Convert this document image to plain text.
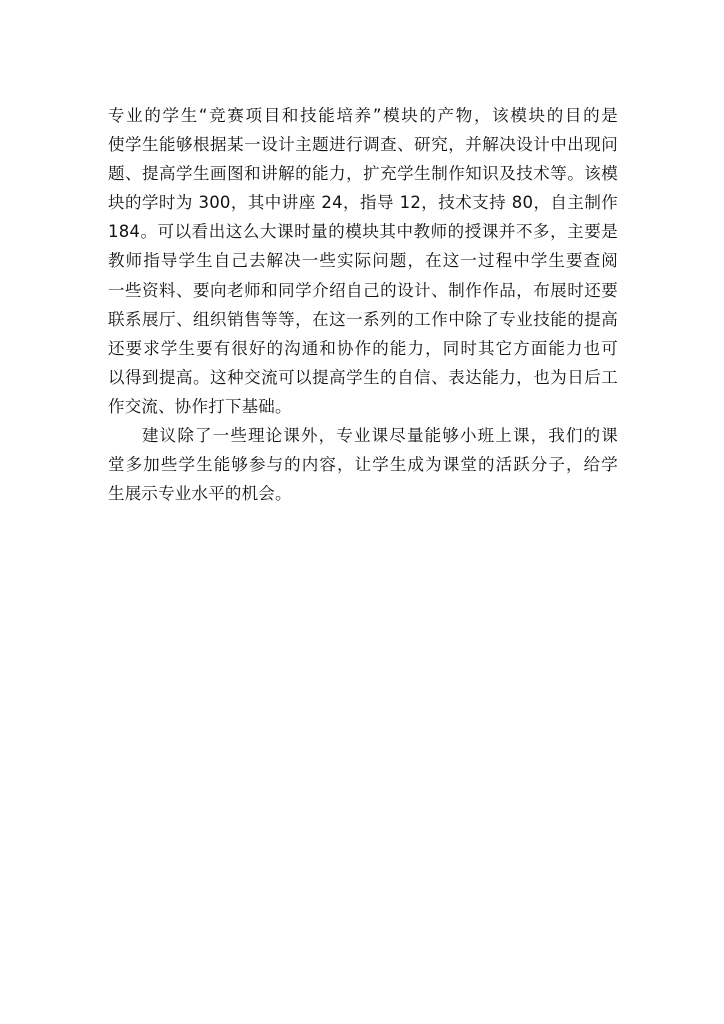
专业的学生“竞赛项目和技能培养”模块的产物，该模块的目的是
使学生能够根据某一设计主题进行调查、研究，并解决设计中出现问
题、提高学生画图和讲解的能力，扩充学生制作知识及技术等。该模
块的学时为 300，其中讲座 24，指导 12，技术支持 80，自主制作
184。可以看出这么大课时量的模块其中教师的授课并不多，主要是
教师指导学生自己去解决一些实际问题，在这一过程中学生要查阅
一些资料、要向老师和同学介绍自己的设计、制作作品，布展时还要
联系展厅、组织销售等等，在这一系列的工作中除了专业技能的提高
还要求学生要有很好的沟通和协作的能力，同时其它方面能力也可
以得到提高。这种交流可以提高学生的自信、表达能力，也为日后工
作交流、协作打下基础。
建议除了一些理论课外，专业课尽量能够小班上课，我们的课
堂多加些学生能够参与的内容，让学生成为课堂的活跃分子，给学
生展示专业水平的机会。
